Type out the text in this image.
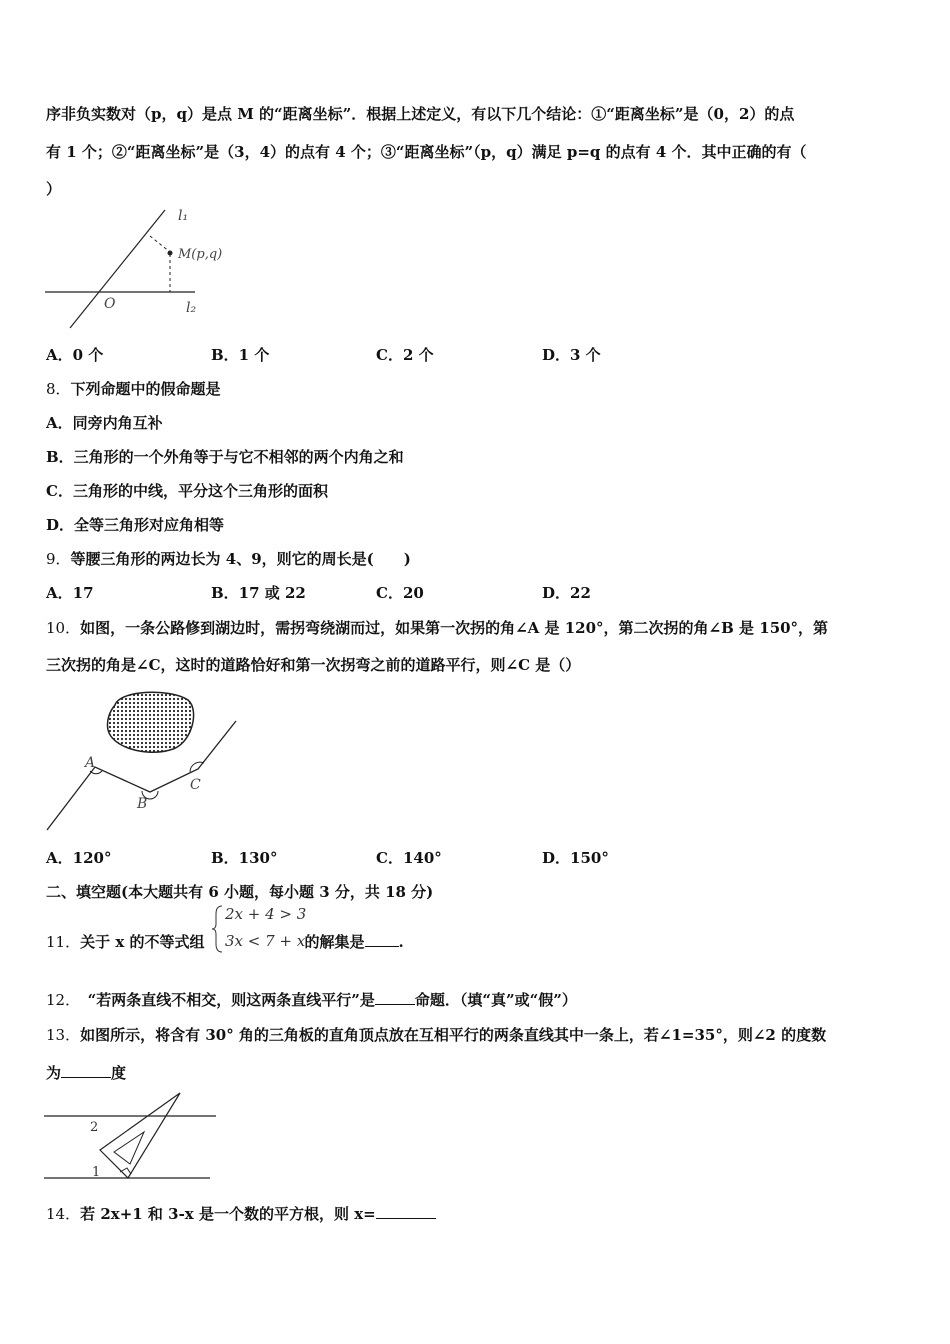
序非负实数对（p，q）是点 M 的“距离坐标”．根据上述定义，有以下几个结论：①“距离坐标”是（0，2）的点
有 1 个；②“距离坐标”是（3，4）的点有 4 个；③“距离坐标”（p，q）满足 p=q 的点有 4 个．其中正确的有（
）
l₁
M(p,q)
O	l₂
A．0 个	B．1 个	C．2 个	D．3 个
8．下列命题中的假命题是
A．同旁内角互补
B．三角形的一个外角等于与它不相邻的两个内角之和
C．三角形的中线，平分这个三角形的面积
D．全等三角形对应角相等
9．等腰三角形的两边长为 4、9，则它的周长是(　　)
A．17	B．17 或 22	C．20	D．22
10．如图，一条公路修到湖边时，需拐弯绕湖而过，如果第一次拐的角∠A 是 120°，第二次拐的角∠B 是 150°，第
三次拐的角是∠C，这时的道路恰好和第一次拐弯之前的道路平行，则∠C 是（）
A
B
C
A．120°	B．130°	C．140°	D．150°
二、填空题(本大题共有 6 小题，每小题 3 分，共 18 分)
11．关于 x 的不等式组	的解集是 .
2x + 4 > 3
3x < 7 + x
12．　“若两条直线不相交，则这两条直线平行”是	命题．（填“真”或“假”）
13．如图所示，将含有 30° 角的三角板的直角顶点放在互相平行的两条直线其中一条上，若∠1=35°，则∠2 的度数
为	度
2
1
14．若 2x+1 和 3-x 是一个数的平方根，则 x=
